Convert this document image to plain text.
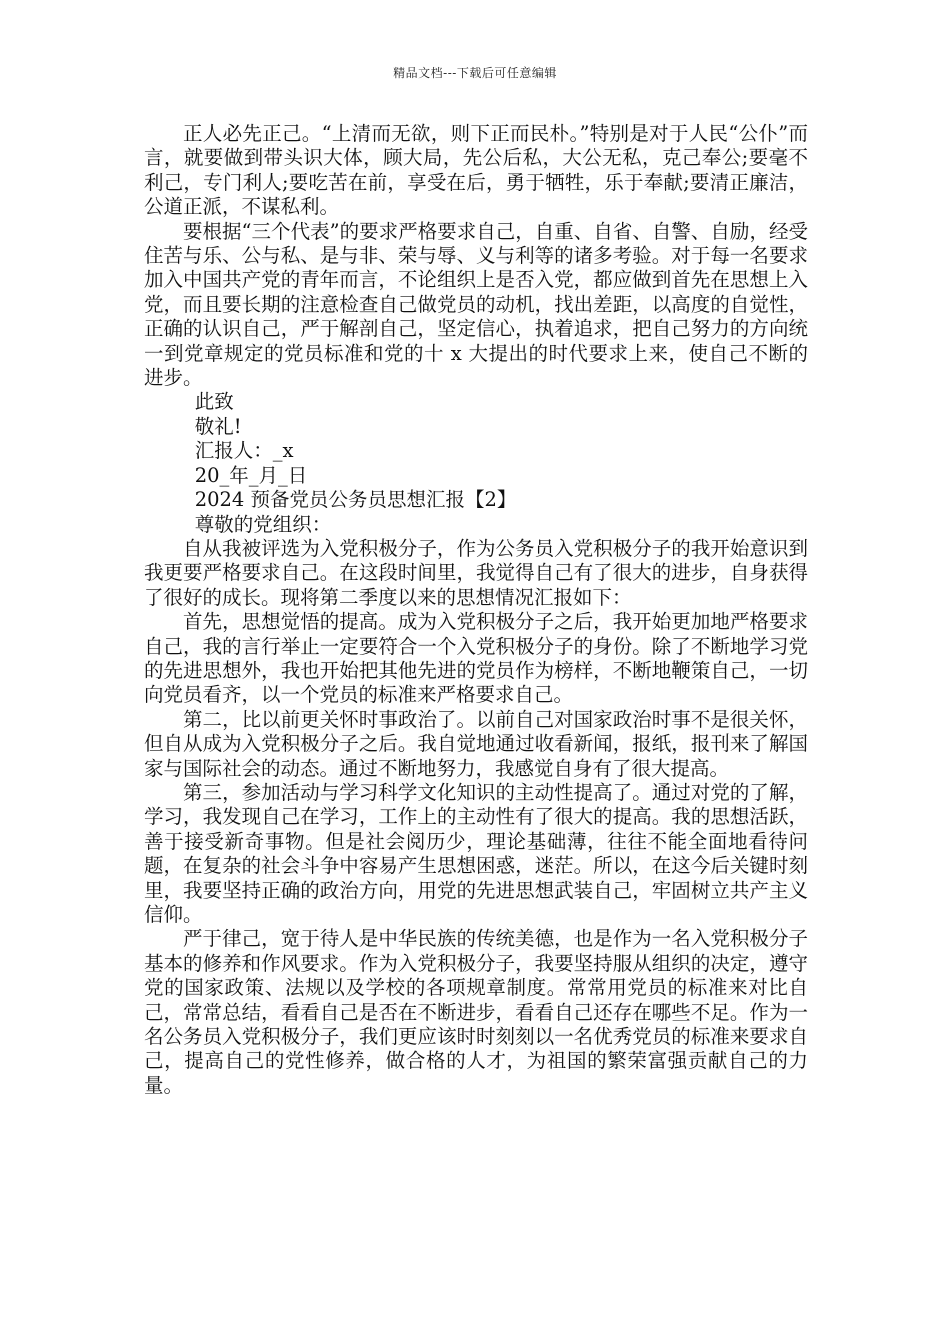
精品文档---下载后可任意编辑

正人必先正己。“上清而无欲，则下正而民朴。”特别是对于人民“公仆”而言，就要做到带头识大体，顾大局，先公后私，大公无私，克己奉公;要毫不利己，专门利人;要吃苦在前，享受在后，勇于牺牲，乐于奉献;要清正廉洁，公道正派，不谋私利。

要根据“三个代表”的要求严格要求自己，自重、自省、自警、自励，经受住苦与乐、公与私、是与非、荣与辱、义与利等的诸多考验。对于每一名要求加入中国共产党的青年而言，不论组织上是否入党，都应做到首先在思想上入党，而且要长期的注意检查自己做党员的动机，找出差距，以高度的自觉性，正确的认识自己，严于解剖自己，坚定信心，执着追求，把自己努力的方向统一到党章规定的党员标准和党的十 x 大提出的时代要求上来，使自己不断的进步。

此致

敬礼!

汇报人：_x

20_年_月_日

2024 预备党员公务员思想汇报【2】

尊敬的党组织：

自从我被评选为入党积极分子，作为公务员入党积极分子的我开始意识到我更要严格要求自己。在这段时间里，我觉得自己有了很大的进步，自身获得了很好的成长。现将第二季度以来的思想情况汇报如下：

首先，思想觉悟的提高。成为入党积极分子之后，我开始更加地严格要求自己，我的言行举止一定要符合一个入党积极分子的身份。除了不断地学习党的先进思想外，我也开始把其他先进的党员作为榜样，不断地鞭策自己，一切向党员看齐，以一个党员的标准来严格要求自己。

第二，比以前更关怀时事政治了。以前自己对国家政治时事不是很关怀，但自从成为入党积极分子之后。我自觉地通过收看新闻，报纸，报刊来了解国家与国际社会的动态。通过不断地努力，我感觉自身有了很大提高。

第三，参加活动与学习科学文化知识的主动性提高了。通过对党的了解，学习，我发现自己在学习，工作上的主动性有了很大的提高。我的思想活跃，善于接受新奇事物。但是社会阅历少，理论基础薄，往往不能全面地看待问题，在复杂的社会斗争中容易产生思想困惑，迷茫。所以，在这今后关键时刻里，我要坚持正确的政治方向，用党的先进思想武装自己，牢固树立共产主义信仰。

严于律己，宽于待人是中华民族的传统美德，也是作为一名入党积极分子基本的修养和作风要求。作为入党积极分子，我要坚持服从组织的决定，遵守党的国家政策、法规以及学校的各项规章制度。常常用党员的标准来对比自己，常常总结，看看自己是否在不断进步，看看自己还存在哪些不足。作为一名公务员入党积极分子，我们更应该时时刻刻以一名优秀党员的标准来要求自己，提高自己的党性修养，做合格的人才，为祖国的繁荣富强贡献自己的力量。
